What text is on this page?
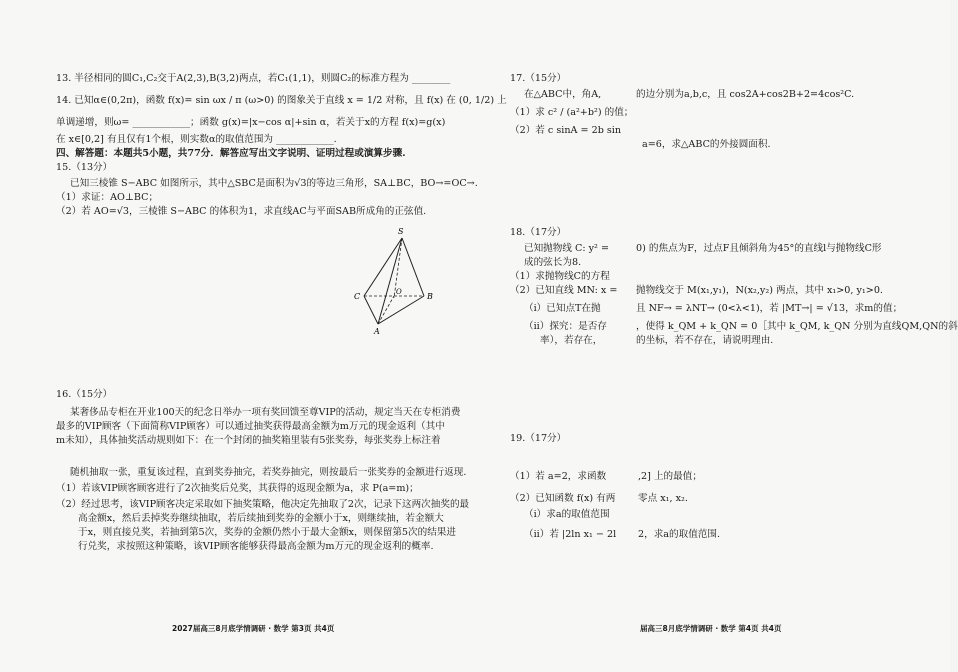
13. 半径相同的圆C₁,C₂交于A(2,3),B(3,2)两点，若C₁(1,1)，则圆C₂的标准方程为 ________
14. 已知α∈(0,2π)，函数 f(x)= sin ωx / π (ω>0) 的图象关于直线 x = 1/2 对称，且 f(x) 在 (0, 1/2) 上
单调递增，则ω= ____________；函数 g(x)=|x−cos α|+sin α，若关于x的方程 f(x)=g(x)
在 x∈[0,2] 有且仅有1个根，则实数α的取值范围为 ____________.
四、解答题：本题共5小题，共77分．解答应写出文字说明、证明过程或演算步骤.
15.（13分）
已知三棱锥 S−ABC 如图所示，其中△SBC是面积为√3的等边三角形，SA⊥BC，BO→=OC→.
（1）求证：AO⊥BC；
（2）若 AO=√3，三棱锥 S−ABC 的体积为1，求直线AC与平面SAB所成角的正弦值.
S
C	O	B
A
16.（15分）
某奢侈品专柜在开业100天的纪念日举办一项有奖回馈至尊VIP的活动，规定当天在专柜消费
最多的VIP顾客（下面简称VIP顾客）可以通过抽奖获得最高金额为m万元的现金返利（其中
m未知），具体抽奖活动规则如下：在一个封闭的抽奖箱里装有5张奖券，每张奖券上标注着
随机抽取一张，重复该过程，直到奖券抽完，若奖券抽完，则按最后一张奖券的金额进行返现.
（1）若该VIP顾客顾客进行了2次抽奖后兑奖，其获得的返现金额为a，求 P(a=m)；
（2）经过思考，该VIP顾客决定采取如下抽奖策略，他决定先抽取了2次，记录下这两次抽奖的最
高金额x，然后丢掉奖券继续抽取，若后续抽到奖券的金额小于x，则继续抽，若金额大
于x，则直接兑奖，若抽到第5次，奖券的金额仍然小于最大金额x，则保留第5次的结果进
行兑奖，求按照这种策略，该VIP顾客能够获得最高金额为m万元的现金返利的概率.
2027届高三8月底学情调研 · 数学 第3页 共4页
17.（15分）
在△ABC中，角A,	的边分别为a,b,c，且 cos2A+cos2B+2=4cos²C.
（1）求 c² / (a²+b²) 的值；
（2）若 c sinA = 2b sin
a=6，求△ABC的外接圆面积.
18.（17分）
已知抛物线 C: y² =	0) 的焦点为F，过点F且倾斜角为45°的直线l与抛物线C形
成的弦长为8.
（1）求抛物线C的方程
（2）已知直线 MN: x =	抛物线交于 M(x₁,y₁)，N(x₂,y₂) 两点，其中 x₁>0, y₁>0.
（i）已知点T在抛	且 NF→ = λNT→ (0<λ<1)，若 |MT→| = √13，求m的值；
（ii）探究：是否存	，使得 k_QM + k_QN = 0［其中 k_QM, k_QN 分别为直线QM,QN的斜
率），若存在，	的坐标，若不存在，请说明理由.
19.（17分）
（1）若 a=2，求函数	,2] 上的最值；
（2）已知函数 f(x) 有两	零点 x₁, x₂.
（i）求a的取值范围
（ii）若 |2ln x₁ − 2l	2，求a的取值范围.
届高三8月底学情调研 · 数学 第4页 共4页
